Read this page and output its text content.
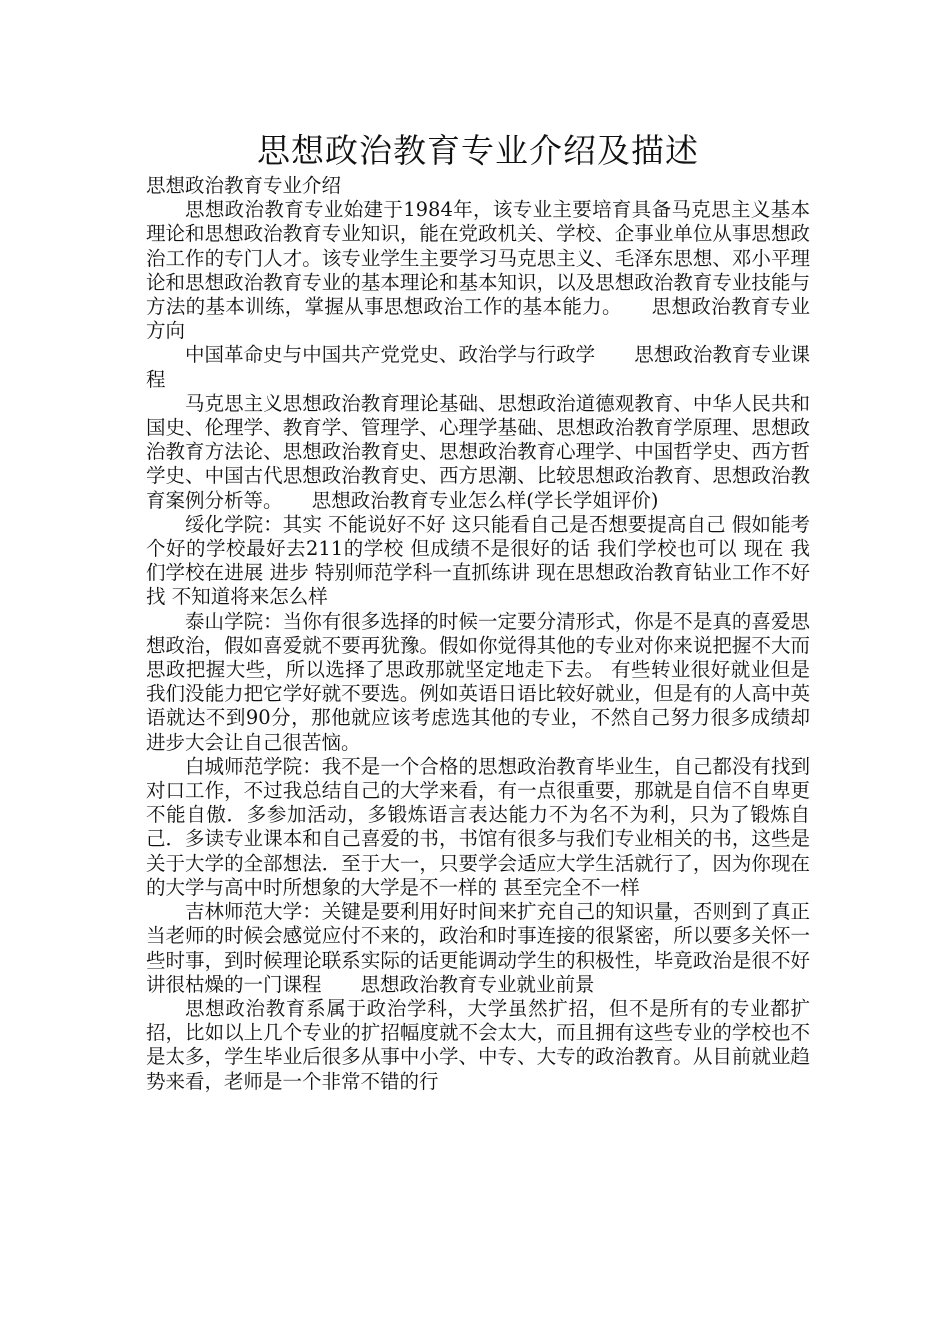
思想政治教育专业介绍及描述

思想政治教育专业介绍

思想政治教育专业始建于1984年，该专业主要培育具备马克思主义基本理论和思想政治教育专业知识，能在党政机关、学校、企事业单位从事思想政治工作的专门人才。该专业学生主要学习马克思主义、毛泽东思想、邓小平理论和思想政治教育专业的基本理论和基本知识，以及思想政治教育专业技能与方法的基本训练，掌握从事思想政治工作的基本能力。　　思想政治教育专业方向

中国革命史与中国共产党党史、政治学与行政学　　思想政治教育专业课程

马克思主义思想政治教育理论基础、思想政治道德观教育、中华人民共和国史、伦理学、教育学、管理学、心理学基础、思想政治教育学原理、思想政治教育方法论、思想政治教育史、思想政治教育心理学、中国哲学史、西方哲学史、中国古代思想政治教育史、西方思潮、比较思想政治教育、思想政治教育案例分析等。　　思想政治教育专业怎么样(学长学姐评价)

绥化学院：其实 不能说好不好 这只能看自己是否想要提高自己 假如能考个好的学校最好去211的学校 但成绩不是很好的话 我们学校也可以 现在 我们学校在进展 进步 特别师范学科一直抓练讲 现在思想政治教育钻业工作不好找 不知道将来怎么样

泰山学院：当你有很多选择的时候一定要分清形式，你是不是真的喜爱思想政治，假如喜爱就不要再犹豫。假如你觉得其他的专业对你来说把握不大而思政把握大些，所以选择了思政那就坚定地走下去。 有些转业很好就业但是我们没能力把它学好就不要选。例如英语日语比较好就业，但是有的人高中英语就达不到90分，那他就应该考虑选其他的专业，不然自己努力很多成绩却进步大会让自己很苦恼。

白城师范学院：我不是一个合格的思想政治教育毕业生，自己都没有找到对口工作，不过我总结自己的大学来看，有一点很重要，那就是自信不自卑更不能自傲．多参加活动，多锻炼语言表达能力不为名不为利，只为了锻炼自己．多读专业课本和自己喜爱的书，书馆有很多与我们专业相关的书，这些是关于大学的全部想法．至于大一，只要学会适应大学生活就行了，因为你现在的大学与高中时所想象的大学是不一样的 甚至完全不一样

吉林师范大学：关键是要利用好时间来扩充自己的知识量，否则到了真正当老师的时候会感觉应付不来的，政治和时事连接的很紧密，所以要多关怀一些时事，到时候理论联系实际的话更能调动学生的积极性，毕竟政治是很不好讲很枯燥的一门课程　　思想政治教育专业就业前景

思想政治教育系属于政治学科，大学虽然扩招，但不是所有的专业都扩招，比如以上几个专业的扩招幅度就不会太大，而且拥有这些专业的学校也不是太多，学生毕业后很多从事中小学、中专、大专的政治教育。从目前就业趋势来看，老师是一个非常不错的行
